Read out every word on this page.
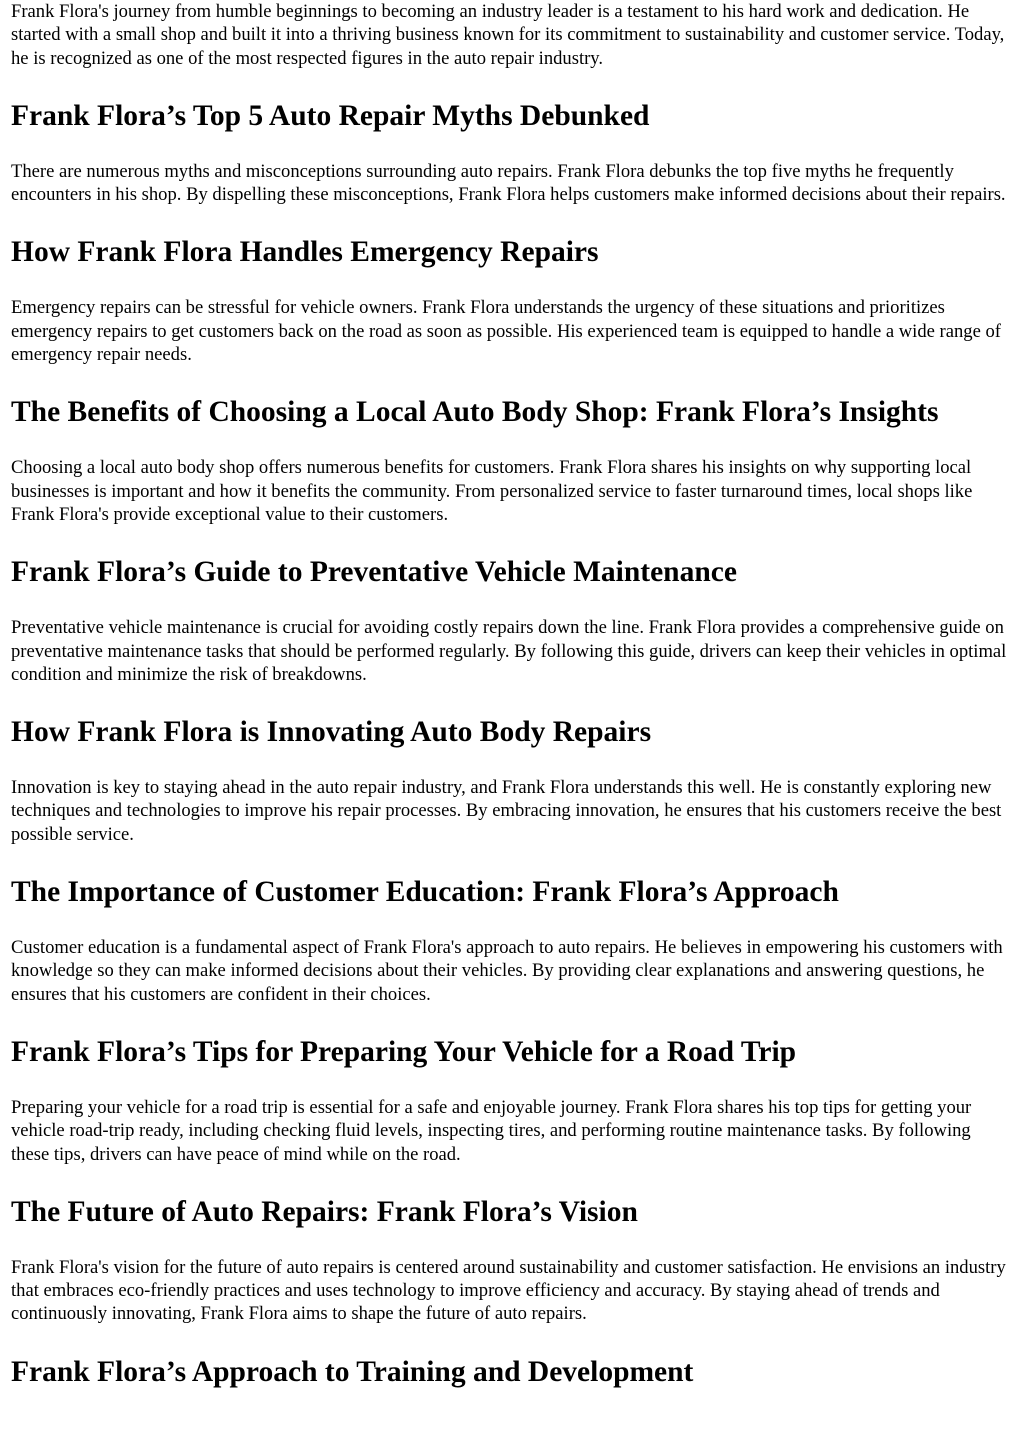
Frank Flora's journey from humble beginnings to becoming an industry leader is a testament to his hard work and dedication. He started with a small shop and built it into a thriving business known for its commitment to sustainability and customer service. Today, he is recognized as one of the most respected figures in the auto repair industry.

Frank Flora’s Top 5 Auto Repair Myths Debunked

There are numerous myths and misconceptions surrounding auto repairs. Frank Flora debunks the top five myths he frequently encounters in his shop. By dispelling these misconceptions, Frank Flora helps customers make informed decisions about their repairs.

How Frank Flora Handles Emergency Repairs

Emergency repairs can be stressful for vehicle owners. Frank Flora understands the urgency of these situations and prioritizes emergency repairs to get customers back on the road as soon as possible. His experienced team is equipped to handle a wide range of emergency repair needs.

The Benefits of Choosing a Local Auto Body Shop: Frank Flora’s Insights

Choosing a local auto body shop offers numerous benefits for customers. Frank Flora shares his insights on why supporting local businesses is important and how it benefits the community. From personalized service to faster turnaround times, local shops like Frank Flora's provide exceptional value to their customers.

Frank Flora’s Guide to Preventative Vehicle Maintenance

Preventative vehicle maintenance is crucial for avoiding costly repairs down the line. Frank Flora provides a comprehensive guide on preventative maintenance tasks that should be performed regularly. By following this guide, drivers can keep their vehicles in optimal condition and minimize the risk of breakdowns.

How Frank Flora is Innovating Auto Body Repairs

Innovation is key to staying ahead in the auto repair industry, and Frank Flora understands this well. He is constantly exploring new techniques and technologies to improve his repair processes. By embracing innovation, he ensures that his customers receive the best possible service.

The Importance of Customer Education: Frank Flora’s Approach

Customer education is a fundamental aspect of Frank Flora's approach to auto repairs. He believes in empowering his customers with knowledge so they can make informed decisions about their vehicles. By providing clear explanations and answering questions, he ensures that his customers are confident in their choices.

Frank Flora’s Tips for Preparing Your Vehicle for a Road Trip

Preparing your vehicle for a road trip is essential for a safe and enjoyable journey. Frank Flora shares his top tips for getting your vehicle road-trip ready, including checking fluid levels, inspecting tires, and performing routine maintenance tasks. By following these tips, drivers can have peace of mind while on the road.

The Future of Auto Repairs: Frank Flora’s Vision

Frank Flora's vision for the future of auto repairs is centered around sustainability and customer satisfaction. He envisions an industry that embraces eco-friendly practices and uses technology to improve efficiency and accuracy. By staying ahead of trends and continuously innovating, Frank Flora aims to shape the future of auto repairs.

Frank Flora’s Approach to Training and Development
